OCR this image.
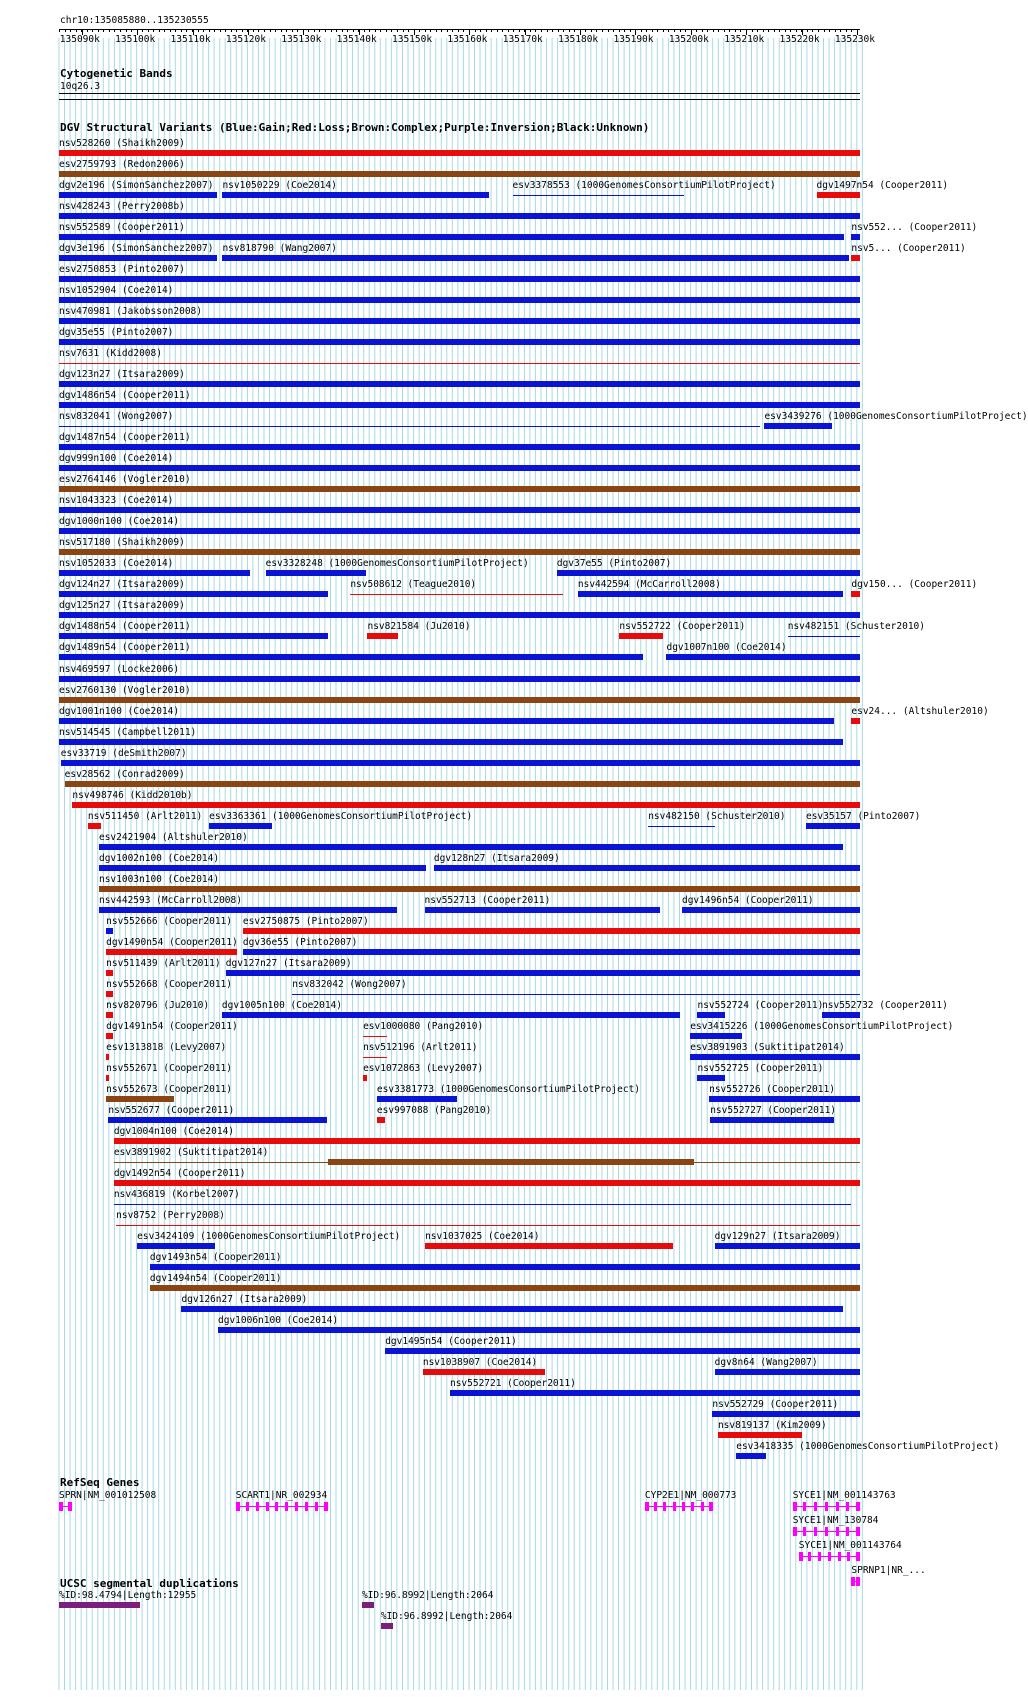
chr10:135085880..135230555
135090k 135100k 135110k 135120k 135130k 135140k 135150k 135160k 135170k 135180k 135190k 135200k 135210k 135220k 135230k
Cytogenetic Bands
10q26.3
DGV Structural Variants (Blue:Gain;Red:Loss;Brown:Complex;Purple:Inversion;Black:Unknown)
nsv528260 (Shaikh2009)
esv2759793 (Redon2006)
dgv2e196 (SimonSanchez2007) nsv1050229 (Coe2014)	esv3378553 (1000GenomesConsortiumPilotProject)	dgv1497n54 (Cooper2011)
nsv428243 (Perry2008b)
nsv552589 (Cooper2011)	nsv552... (Cooper2011)
dgv3e196 (SimonSanchez2007) nsv818790 (Wang2007)	nsv5... (Cooper2011)
esv2750853 (Pinto2007)
nsv1052904 (Coe2014)
nsv470981 (Jakobsson2008)
dgv35e55 (Pinto2007)
nsv7631 (Kidd2008)
dgv123n27 (Itsara2009)
dgv1486n54 (Cooper2011)
nsv832041 (Wong2007)	esv3439276 (1000GenomesConsortiumPilotProject)
dgv1487n54 (Cooper2011)
dgv999n100 (Coe2014)
esv2764146 (Vogler2010)
nsv1043323 (Coe2014)
dgv1000n100 (Coe2014)
nsv517180 (Shaikh2009)
nsv1052033 (Coe2014)	esv3328248 (1000GenomesConsortiumPilotProject)	dgv37e55 (Pinto2007)
dgv124n27 (Itsara2009)	nsv508612 (Teague2010)	nsv442594 (McCarroll2008)	dgv150... (Cooper2011)
dgv125n27 (Itsara2009)
dgv1488n54 (Cooper2011)	nsv821584 (Ju2010)	nsv552722 (Cooper2011)	nsv482151 (Schuster2010)
dgv1489n54 (Cooper2011)	dgv1007n100 (Coe2014)
nsv469597 (Locke2006)
esv2760130 (Vogler2010)
dgv1001n100 (Coe2014)	esv24... (Altshuler2010)
nsv514545 (Campbell2011)
esv33719 (deSmith2007)
esv28562 (Conrad2009)
nsv498746 (Kidd2010b)
nsv511450 (Arlt2011) esv3363361 (1000GenomesConsortiumPilotProject)	nsv482150 (Schuster2010) esv35157 (Pinto2007)
esv2421904 (Altshuler2010)
dgv1002n100 (Coe2014)	dgv128n27 (Itsara2009)
nsv1003n100 (Coe2014)
nsv442593 (McCarroll2008)	nsv552713 (Cooper2011)	dgv1496n54 (Cooper2011)
nsv552666 (Cooper2011) esv2750875 (Pinto2007)
dgv1490n54 (Cooper2011) dgv36e55 (Pinto2007)
nsv511439 (Arlt2011) dgv127n27 (Itsara2009)
nsv552668 (Cooper2011)	nsv832042 (Wong2007)
nsv820796 (Ju2010) dgv1005n100 (Coe2014)	nsv552724 (Cooper2011)
nsv552732 (Cooper2011)
dgv1491n54 (Cooper2011)	esv1000080 (Pang2010)	esv3415226 (1000GenomesConsortiumPilotProject)
esv1313818 (Levy2007)	nsv512196 (Arlt2011)	esv3891903 (Suktitipat2014)
nsv552671 (Cooper2011)	esv1072863 (Levy2007)	nsv552725 (Cooper2011)
nsv552673 (Cooper2011)	esv3381773 (1000GenomesConsortiumPilotProject)	nsv552726 (Cooper2011)
nsv552677 (Cooper2011)	esv997088 (Pang2010)	nsv552727 (Cooper2011)
dgv1004n100 (Coe2014)
esv3891902 (Suktitipat2014)
dgv1492n54 (Cooper2011)
nsv436819 (Korbel2007)
nsv8752 (Perry2008)
esv3424109 (1000GenomesConsortiumPilotProject)	nsv1037025 (Coe2014)	dgv129n27 (Itsara2009)
dgv1493n54 (Cooper2011)
dgv1494n54 (Cooper2011)
dgv126n27 (Itsara2009)
dgv1006n100 (Coe2014)
dgv1495n54 (Cooper2011)
nsv1038907 (Coe2014)	dgv8n64 (Wang2007)
nsv552721 (Cooper2011)
nsv552729 (Cooper2011)
nsv819137 (Kim2009)
esv3418335 (1000GenomesConsortiumPilotProject)
RefSeq Genes
SPRN|NM_001012508	SCART1|NR_002934	CYP2E1|NM_000773	SYCE1|NM_001143763
SYCE1|NM_130784
SYCE1|NM_001143764
SPRNP1|NR_...
UCSC segmental duplications
%ID:98.4794|Length:12955	%ID:96.8992|Length:2064
%ID:96.8992|Length:2064
